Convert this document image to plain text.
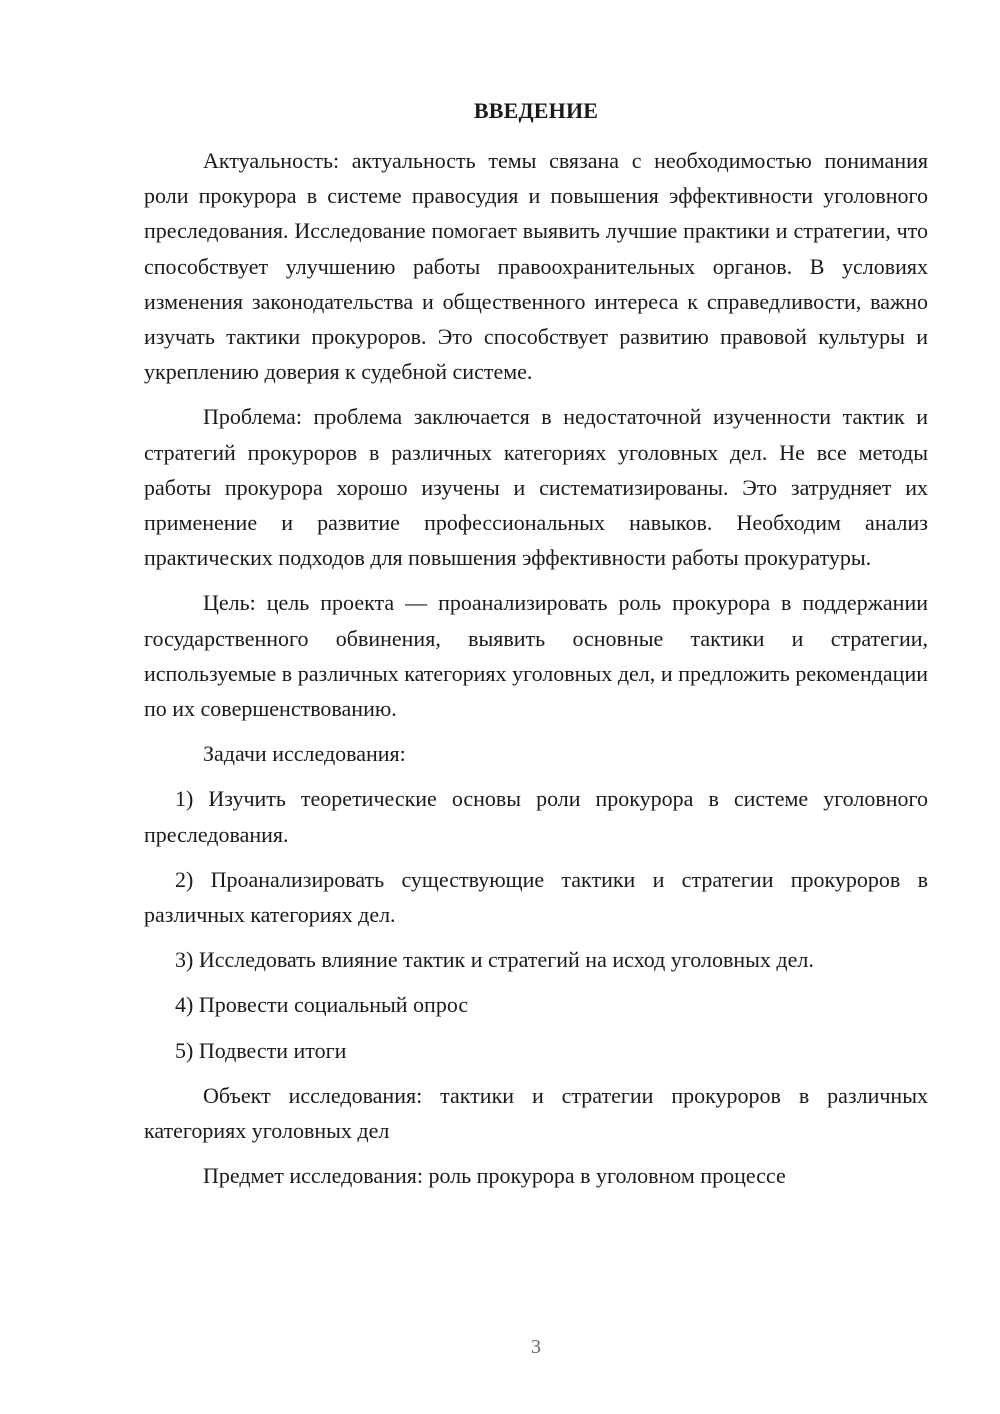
ВВЕДЕНИЕ

Актуальность: актуальность темы связана с необходимостью понимания роли прокурора в системе правосудия и повышения эффективности уголовного преследования. Исследование помогает выявить лучшие практики и стратегии, что способствует улучшению работы правоохранительных органов. В условиях изменения законодательства и общественного интереса к справедливости, важно изучать тактики прокуроров. Это способствует развитию правовой культуры и укреплению доверия к судебной системе.

Проблема: проблема заключается в недостаточной изученности тактик и стратегий прокуроров в различных категориях уголовных дел. Не все методы работы прокурора хорошо изучены и систематизированы. Это затрудняет их применение и развитие профессиональных навыков. Необходим анализ практических подходов для повышения эффективности работы прокуратуры.

Цель: цель проекта — проанализировать роль прокурора в поддержании государственного обвинения, выявить основные тактики и стратегии, используемые в различных категориях уголовных дел, и предложить рекомендации по их совершенствованию.

Задачи исследования:

1) Изучить теоретические основы роли прокурора в системе уголовного преследования.

2) Проанализировать существующие тактики и стратегии прокуроров в различных категориях дел.

3) Исследовать влияние тактик и стратегий на исход уголовных дел.

4) Провести социальный опрос

5) Подвести итоги

Объект исследования: тактики и стратегии прокуроров в различных категориях уголовных дел

Предмет исследования: роль прокурора в уголовном процессе

3
